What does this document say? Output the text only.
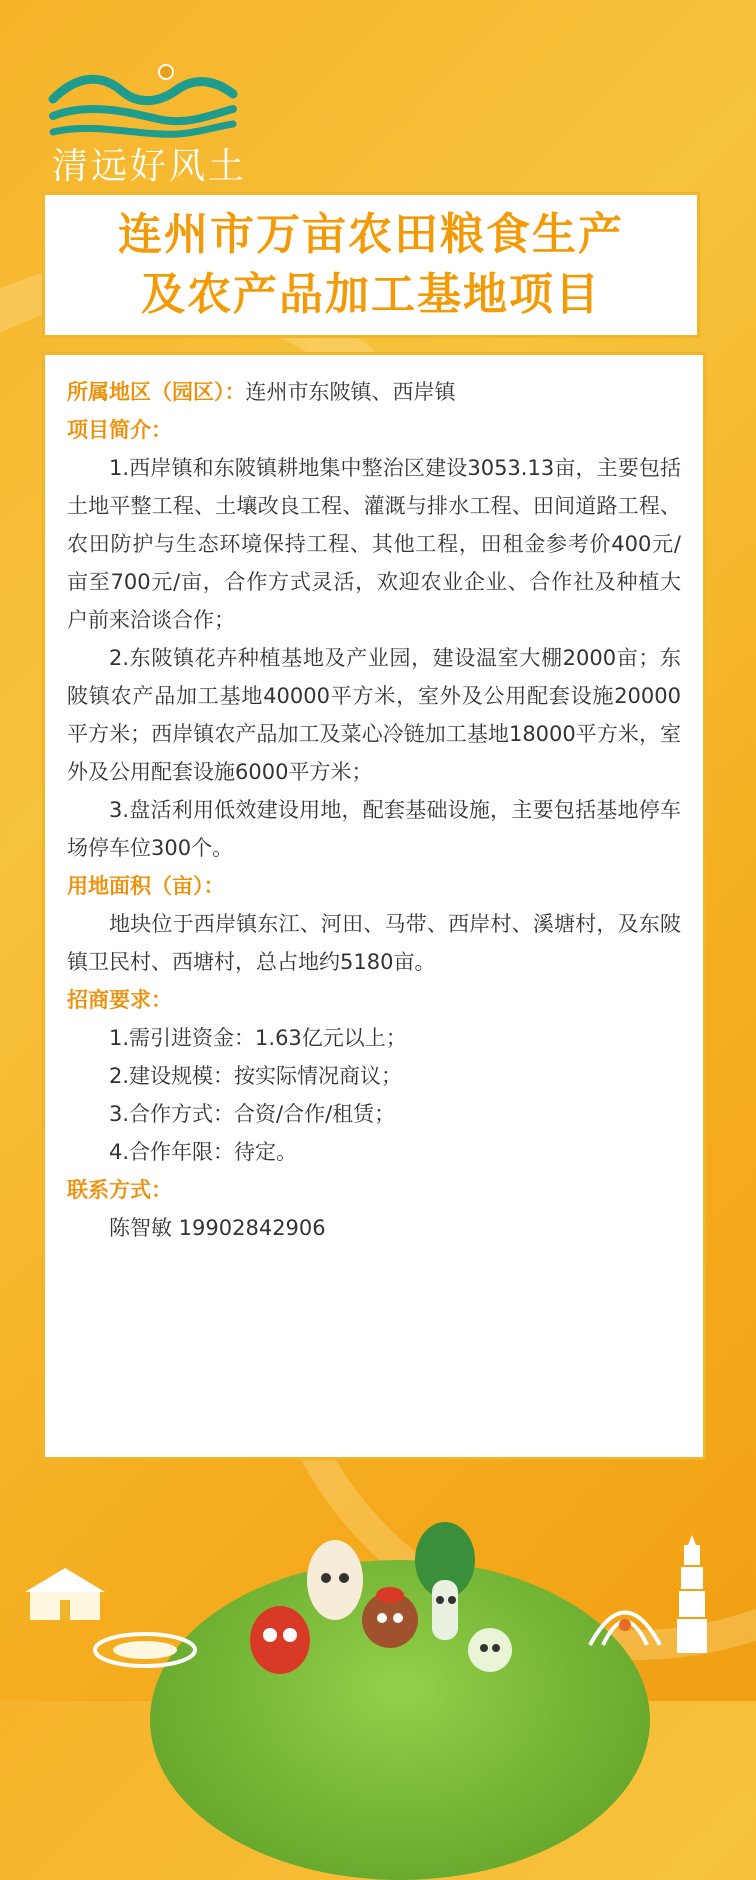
清远好风土
连州市万亩农田粮食生产
及农产品加工基地项目
所属地区（园区）：连州市东陂镇、西岸镇
项目简介：
1.西岸镇和东陂镇耕地集中整治区建设3053.13亩，主要包括土地平整工程、土壤改良工程、灌溉与排水工程、田间道路工程、农田防护与生态环境保持工程、其他工程，田租金参考价400元/亩至700元/亩，合作方式灵活，欢迎农业企业、合作社及种植大户前来洽谈合作；
2.东陂镇花卉种植基地及产业园，建设温室大棚2000亩；东陂镇农产品加工基地40000平方米，室外及公用配套设施20000平方米；西岸镇农产品加工及菜心冷链加工基地18000平方米，室外及公用配套设施6000平方米；
3.盘活利用低效建设用地，配套基础设施，主要包括基地停车场停车位300个。
用地面积（亩）：
地块位于西岸镇东江、河田、马带、西岸村、溪塘村，及东陂镇卫民村、西塘村，总占地约5180亩。
招商要求：
1.需引进资金：1.63亿元以上；
2.建设规模：按实际情况商议；
3.合作方式：合资/合作/租赁；
4.合作年限：待定。
联系方式：
陈智敏 19902842906
